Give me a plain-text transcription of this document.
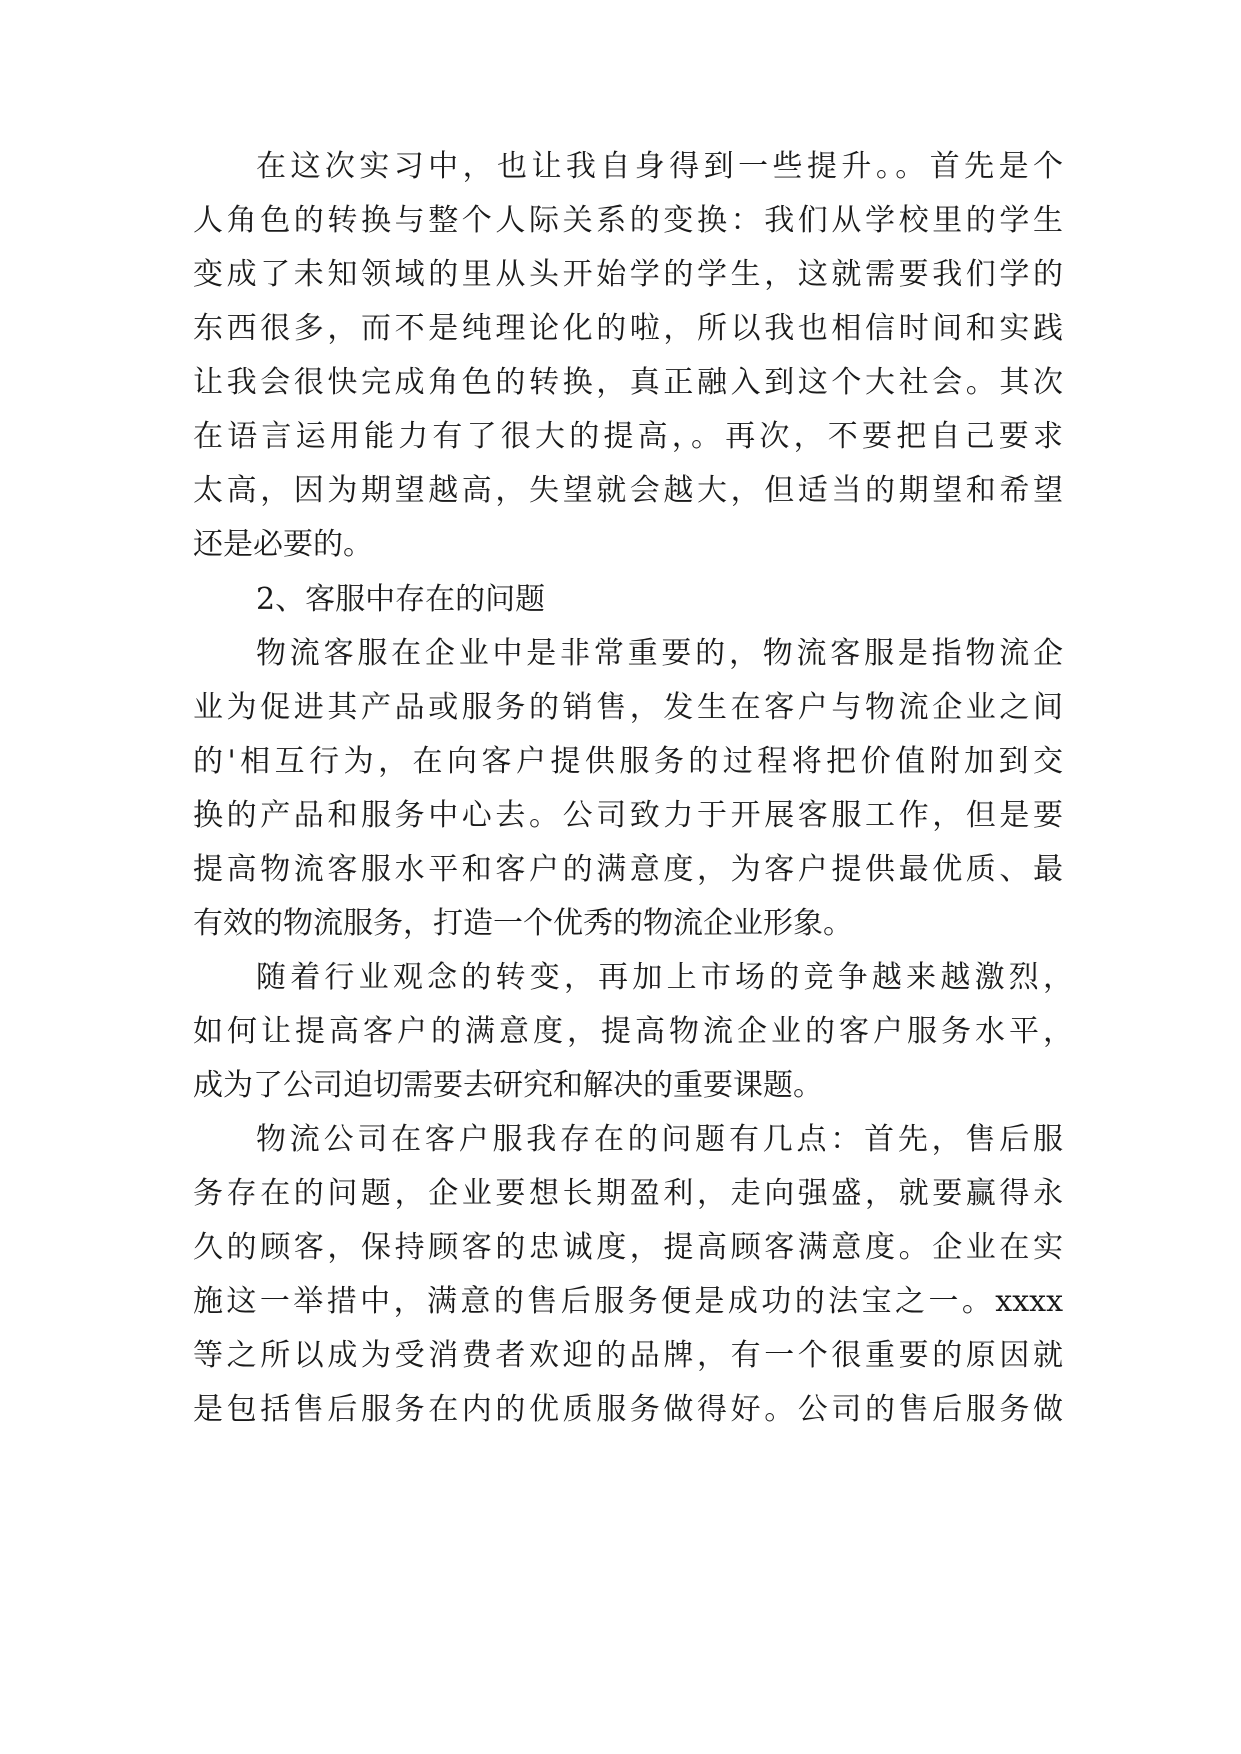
在这次实习中，也让我自身得到一些提升。。首先是个
人角色的转换与整个人际关系的变换：我们从学校里的学生
变成了未知领域的里从头开始学的学生，这就需要我们学的
东西很多，而不是纯理论化的啦，所以我也相信时间和实践
让我会很快完成角色的转换，真正融入到这个大社会。其次
在语言运用能力有了很大的提高，。再次，不要把自己要求
太高，因为期望越高，失望就会越大，但适当的期望和希望
还是必要的。
2、客服中存在的问题
物流客服在企业中是非常重要的，物流客服是指物流企
业为促进其产品或服务的销售，发生在客户与物流企业之间
的'相互行为，在向客户提供服务的过程将把价值附加到交
换的产品和服务中心去。公司致力于开展客服工作，但是要
提高物流客服水平和客户的满意度，为客户提供最优质、最
有效的物流服务，打造一个优秀的物流企业形象。
随着行业观念的转变，再加上市场的竞争越来越激烈，
如何让提高客户的满意度，提高物流企业的客户服务水平，
成为了公司迫切需要去研究和解决的重要课题。
物流公司在客户服我存在的问题有几点：首先，售后服
务存在的问题，企业要想长期盈利，走向强盛，就要赢得永
久的顾客，保持顾客的忠诚度，提高顾客满意度。企业在实
施这一举措中，满意的售后服务便是成功的法宝之一。xxxx
等之所以成为受消费者欢迎的品牌，有一个很重要的原因就
是包括售后服务在内的优质服务做得好。公司的售后服务做
